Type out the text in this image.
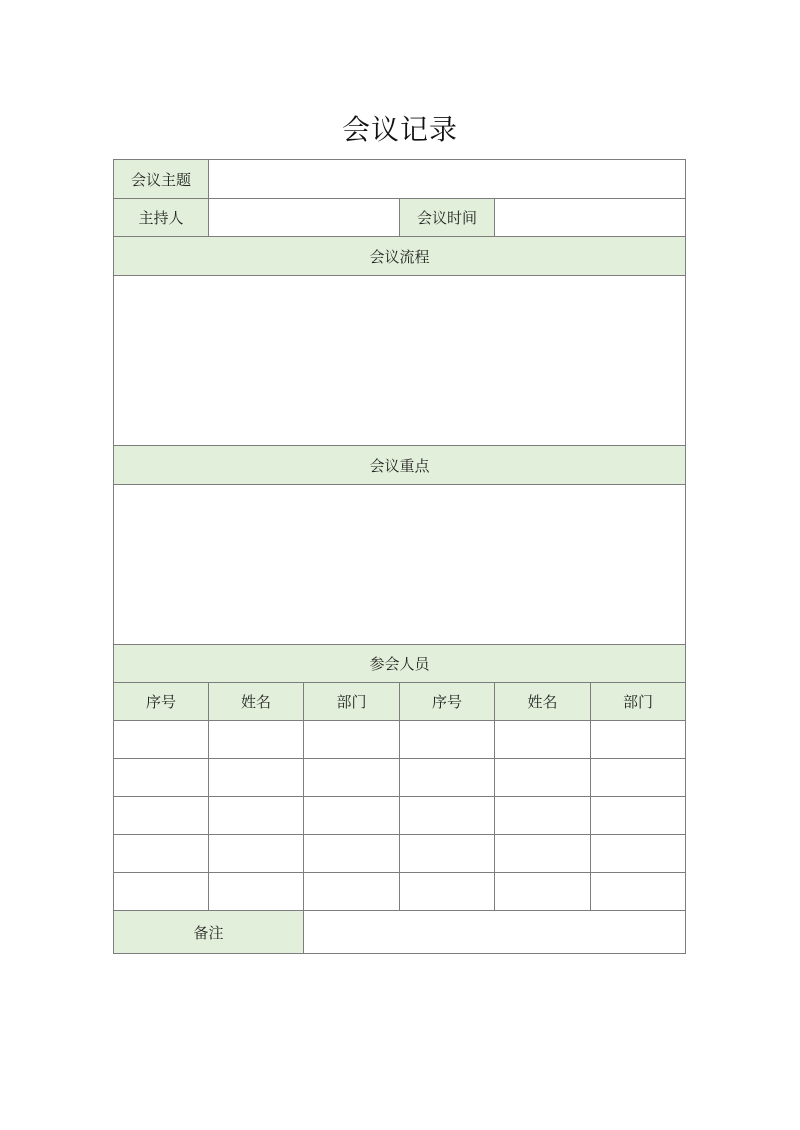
会议记录
会议主题					
主持人			会议时间		
会议流程					

会议重点					

参会人员					
序号	姓名	部门	序号	姓名	部门

备注					
